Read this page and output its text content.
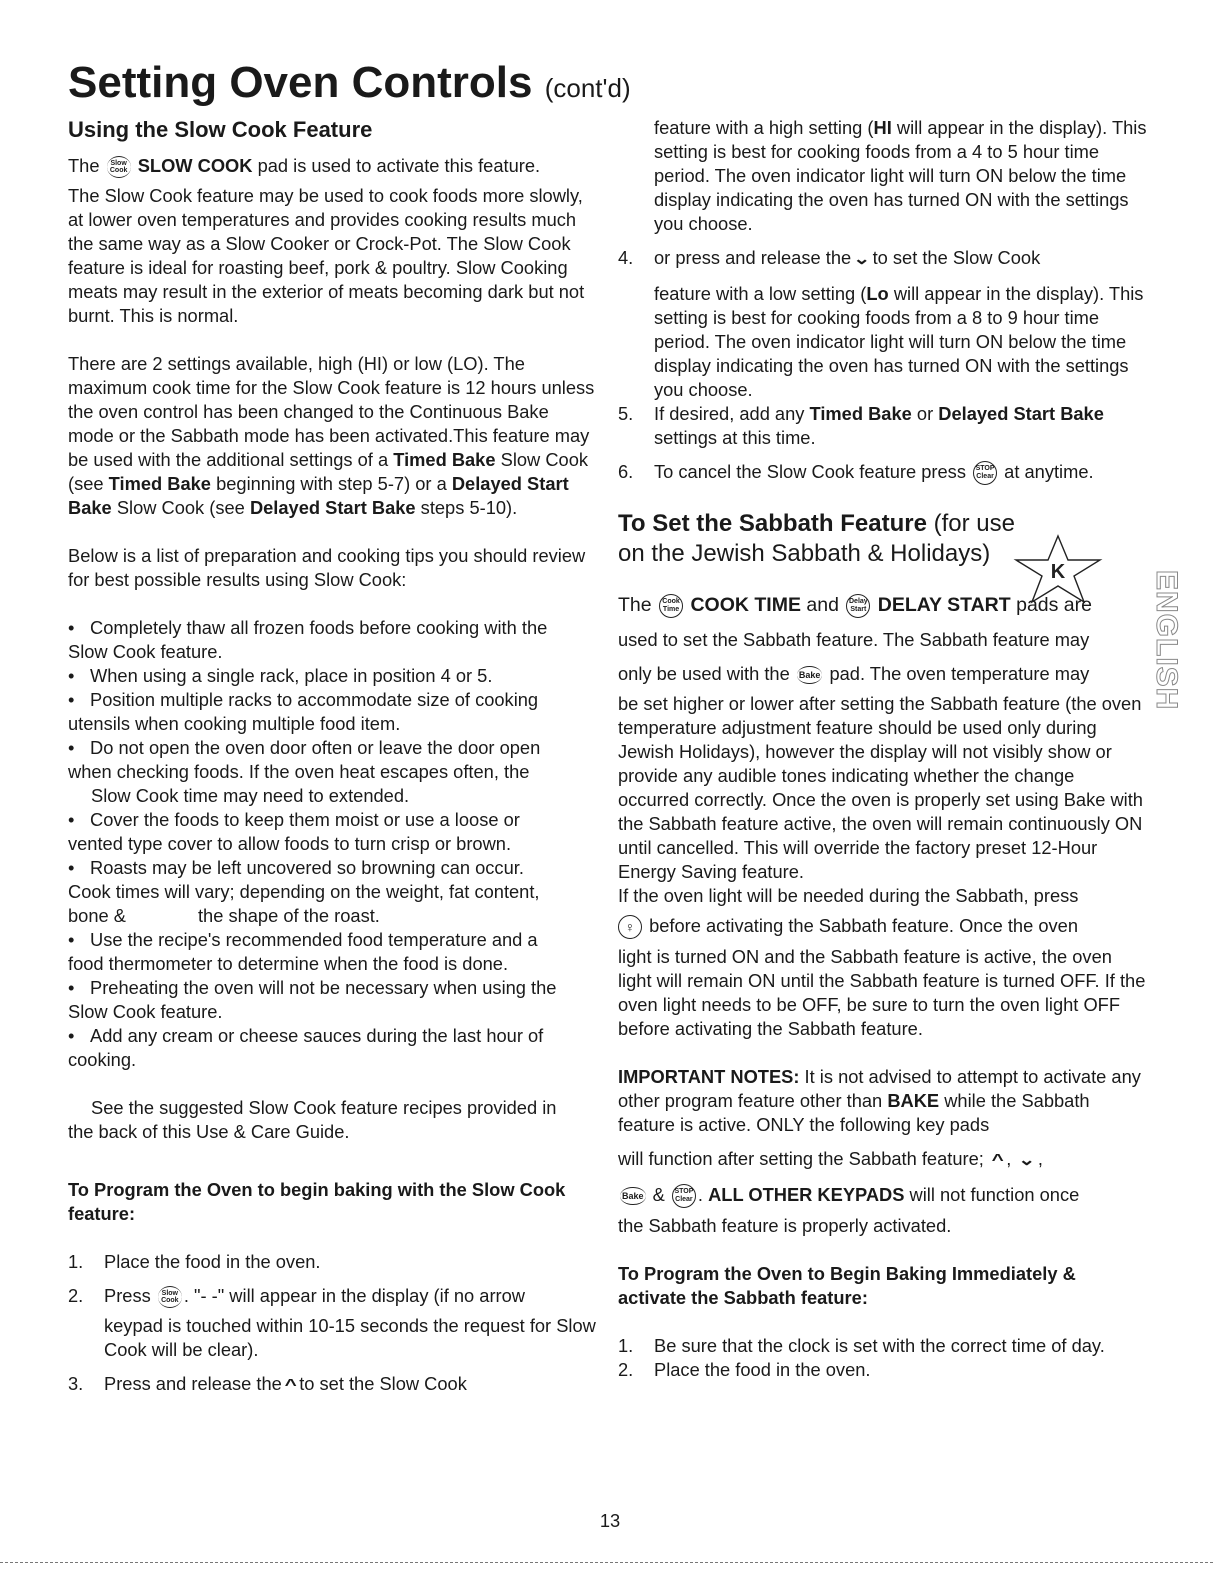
Setting Oven Controls (cont'd)
Using the Slow Cook Feature

The Slow
Cook SLOW COOK pad is used to activate this feature.

The Slow Cook feature may be used to cook foods more slowly, at lower oven temperatures and provides cooking results much the same way as a Slow Cooker or Crock-Pot. The Slow Cook feature is ideal for roasting beef, pork & poultry. Slow Cooking meats may result in the exterior of meats becoming dark but not burnt. This is normal.

There are 2 settings available, high (HI) or low (LO). The maximum cook time for the Slow Cook feature is 12 hours unless the oven control has been changed to the Continuous Bake mode or the Sabbath mode has been activated.This feature may be used with the additional settings of a Timed Bake Slow Cook (see Timed Bake beginning with step 5-7) or a Delayed Start Bake Slow Cook (see Delayed Start Bake steps 5-10).

Below is a list of preparation and cooking tips you should review for best possible results using Slow Cook:

• Completely thaw all frozen foods before cooking with the

Slow Cook feature.

• When using a single rack, place in position 4 or 5.

• Position multiple racks to accommodate size of cooking

utensils when cooking multiple food item.

• Do not open the oven door often or leave the door open

when checking foods. If the oven heat escapes often, the

Slow Cook time may need to extended.

• Cover the foods to keep them moist or use a loose or

vented type cover to allow foods to turn crisp or brown.

• Roasts may be left uncovered so browning can occur.

Cook times will vary; depending on the weight, fat content,

bone &	the shape of the roast.

• Use the recipe's recommended food temperature and a

food thermometer to determine when the food is done.

• Preheating the oven will not be necessary when using the

Slow Cook feature.

• Add any cream or cheese sauces during the last hour of

cooking.

See the suggested Slow Cook feature recipes provided in

the back of this Use & Care Guide.

To Program the Oven to begin baking with the Slow Cook feature:
1.	Place the food in the oven.
2.	Press Slow
Cook . "- -" will appear in the display (if no arrow
keypad is touched within 10-15 seconds the request for Slow Cook will be clear).
3.	Press and release the ^ to set the Slow Cook

feature with a high setting (HI will appear in the display). This setting is best for cooking foods from a 4 to 5 hour time period. The oven indicator light will turn ON below the time display indicating the oven has turned ON with the settings you choose.

4.	or press and release the ⌄ to set the Slow Cook
feature with a low setting (Lo will appear in the display). This setting is best for cooking foods from a 8 to 9 hour time period. The oven indicator light will turn ON below the time display indicating the oven has turned ON with the settings you choose.
5.	If desired, add any Timed Bake or Delayed Start Bake settings at this time.
6.	To cancel the Slow Cook feature press STOP
Clear at anytime.
To Set the Sabbath Feature (for use
on the Jewish Sabbath & Holidays)

The Cook
Time COOK TIME and Delay
Start DELAY START pads are

used to set the Sabbath feature. The Sabbath feature may

only be used with the Bake pad. The oven temperature may

be set higher or lower after setting the Sabbath feature (the oven temperature adjustment feature should be used only during Jewish Holidays), however the display will not visibly show or provide any audible tones indicating whether the change occurred correctly. Once the oven is properly set using Bake with the Sabbath feature active, the oven will remain continuously ON until cancelled. This will override the factory preset 12-Hour Energy Saving feature.

If the oven light will be needed during the Sabbath, press

♀ before activating the Sabbath feature. Once the oven

light is turned ON and the Sabbath feature is active, the oven light will remain ON until the Sabbath feature is turned OFF. If the oven light needs to be OFF, be sure to turn the oven light OFF before activating the Sabbath feature.

IMPORTANT NOTES: It is not advised to attempt to activate any other program feature other than BAKE while the Sabbath feature is active. ONLY the following key pads

will function after setting the Sabbath feature; ^ , ⌄ ,

Bake & STOP
Clear . ALL OTHER KEYPADS will not function once

the Sabbath feature is properly activated.

To Program the Oven to Begin Baking Immediately & activate the Sabbath feature:
1.	Be sure that the clock is set with the correct time of day.
2.	Place the food in the oven.
K	ENGLISH
13
